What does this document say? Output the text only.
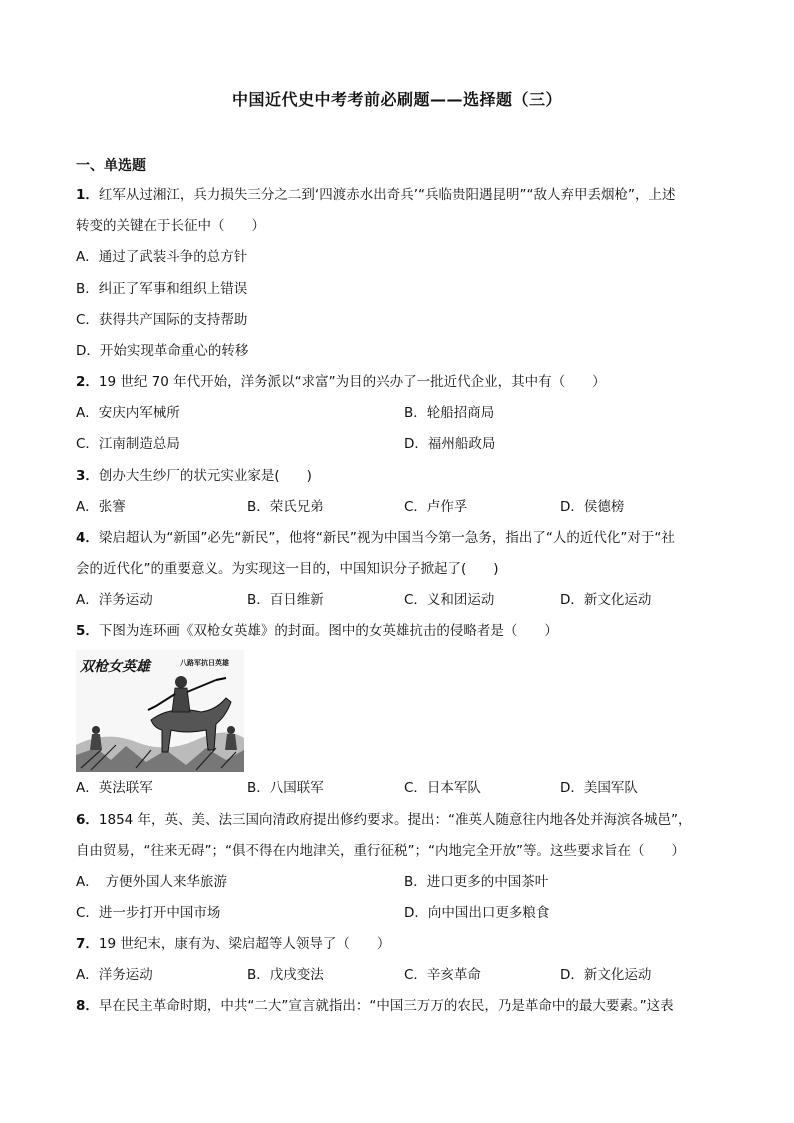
中国近代史中考考前必刷题——选择题（三）
一、单选题
1．红军从过湘江，兵力损失三分之二到‘四渡赤水出奇兵’“兵临贵阳遇昆明”“敌人弃甲丢烟枪”，上述
转变的关键在于长征中（　　）
A．通过了武装斗争的总方针
B．纠正了军事和组织上错误
C．获得共产国际的支持帮助
D．开始实现革命重心的转移
2．19 世纪 70 年代开始，洋务派以“求富”为目的兴办了一批近代企业，其中有（　　）
A．安庆内军械所	B．轮船招商局
C．江南制造总局	D．福州船政局
3．创办大生纱厂的状元实业家是(　　)
A．张謇	B．荣氏兄弟	C．卢作孚	D．侯德榜
4．梁启超认为“新国”必先“新民”，他将“新民”视为中国当今第一急务，指出了“人的近代化”对于“社
会的近代化”的重要意义。为实现这一目的，中国知识分子掀起了(　　)
A．洋务运动	B．百日维新	C．义和团运动	D．新文化运动
5．下图为连环画《双枪女英雄》的封面。图中的女英雄抗击的侵略者是（　　）
双枪女英雄	八路军抗日英雄
A．英法联军	B．八国联军	C．日本军队	D．美国军队
6．1854 年，英、美、法三国向清政府提出修约要求。提出：“准英人随意往内地各处并海滨各城邑”，
自由贸易，“往来无碍”；“俱不得在内地津关，重行征税”；“内地完全开放”等。这些要求旨在（　　）
A．　方便外国人来华旅游	B．进口更多的中国茶叶
C．进一步打开中国市场	D．向中国出口更多粮食
7．19 世纪末，康有为、梁启超等人领导了（　　）
A．洋务运动	B．戊戌变法	C．辛亥革命	D．新文化运动
8．早在民主革命时期，中共“二大”宣言就指出：“中国三万万的农民，乃是革命中的最大要素。”这表
